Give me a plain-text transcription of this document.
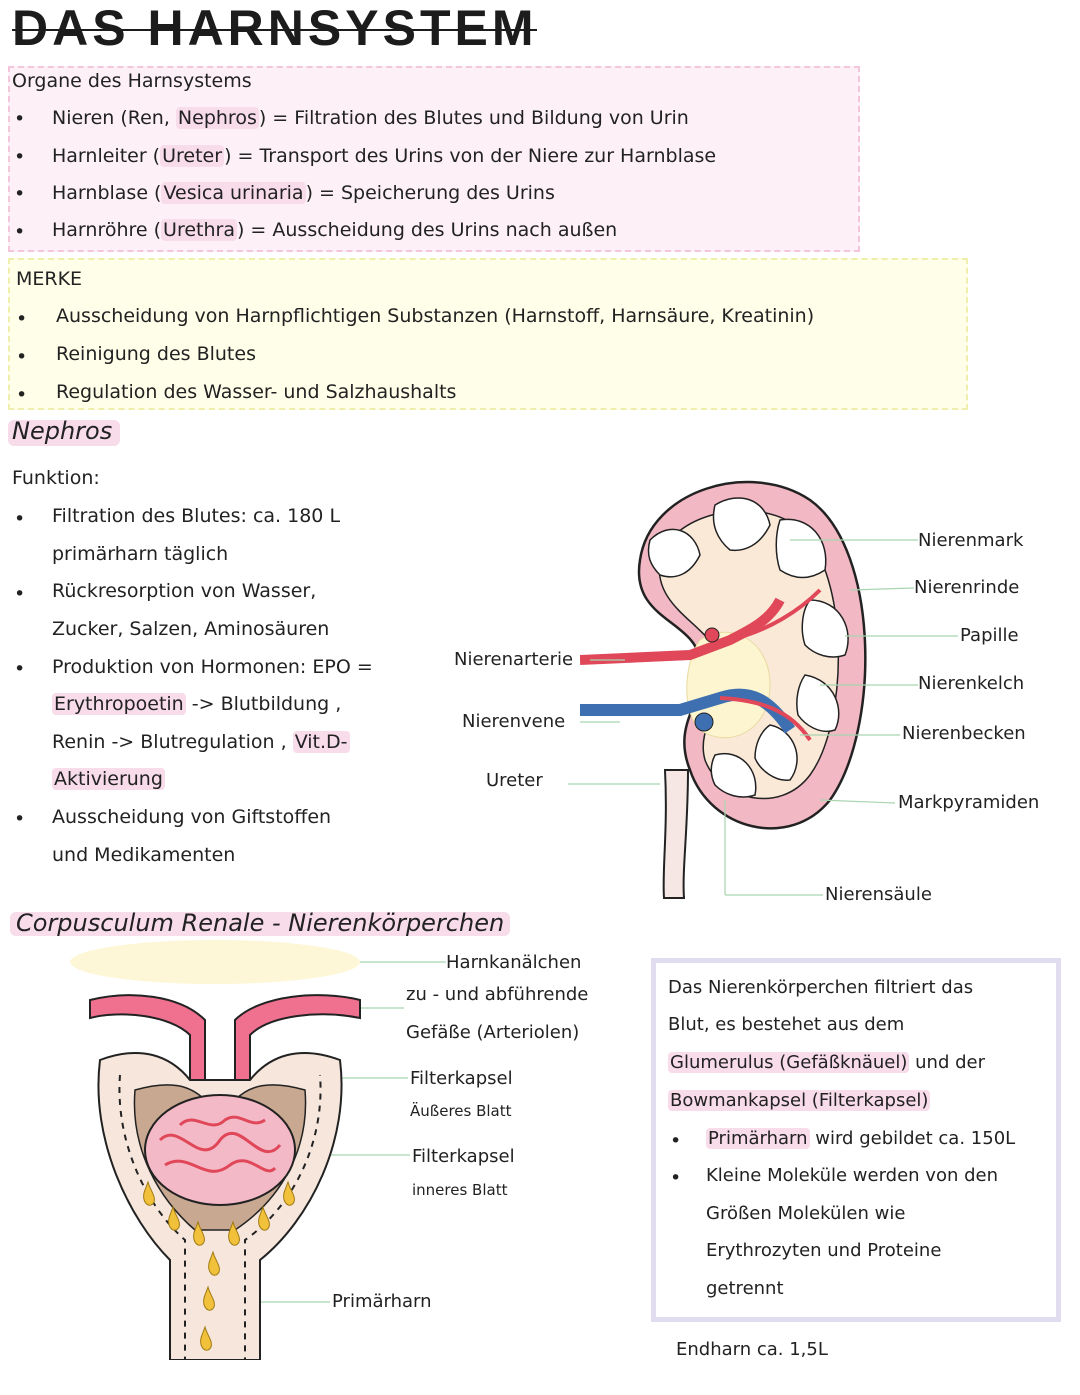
DAS HARNSYSTEM
Organe des Harnsystems
• Nieren (Ren, Nephros ) = Filtration des Blutes und Bildung von Urin
• Harnleiter ( Ureter ) = Transport des Urins von der Niere zur Harnblase
• Harnblase ( Vesica urinaria ) = Speicherung des Urins
• Harnröhre ( Urethra ) = Ausscheidung des Urins nach außen
MERKE
• Ausscheidung von Harnpflichtigen Substanzen (Harnstoff, Harnsäure, Kreatinin)
• Reinigung des Blutes
• Regulation des Wasser- und Salzhaushalts
Nephros
Funktion:
• Filtration des Blutes: ca. 180 L
primärharn täglich
• Rückresorption von Wasser,
Zucker, Salzen, Aminosäuren
• Produktion von Hormonen: EPO =
Erythropoetin -> Blutbildung ,
Renin -> Blutregulation , Vit.D-
Aktivierung
• Ausscheidung von Giftstoffen
und Medikamenten
Nierenmark
Nierenrinde
Papille
Nierenkelch
Nierenbecken
Markpyramiden
Nierensäule
Nierenarterie
Nierenvene
Ureter
Corpusculum Renale - Nierenkörperchen
Harnkanälchen
zu - und abführende
Gefäße (Arteriolen)
Filterkapsel
Äußeres Blatt
Filterkapsel
inneres Blatt
Primärharn
Das Nierenkörperchen filtriert das
Blut, es bestehet aus dem
Glumerulus (Gefäßknäuel) und der
Bowmankapsel (Filterkapsel)
• Primärharn wird gebildet ca. 150L
• Kleine Moleküle werden von den
Größen Molekülen wie
Erythrozyten und Proteine
getrennt
Endharn ca. 1,5L
